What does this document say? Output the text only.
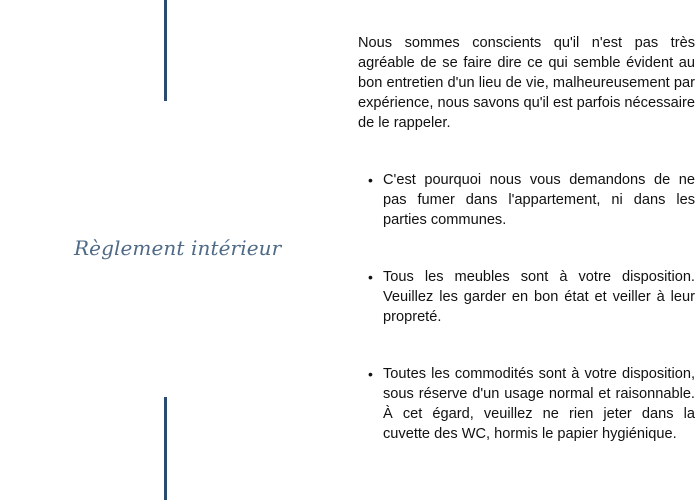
Règlement intérieur

Nous sommes conscients qu'il n'est pas très agréable de se faire dire ce qui semble évident au bon entretien d'un lieu de vie, malheureusement par expérience, nous savons qu'il est parfois nécessaire de le rappeler.

• C'est pourquoi nous vous demandons de ne pas fumer dans l'appartement, ni dans les parties communes.
• Tous les meubles sont à votre disposition. Veuillez les garder en bon état et veiller à leur propreté.
• Toutes les commodités sont à votre disposition, sous réserve d'un usage normal et raisonnable. À cet égard, veuillez ne rien jeter dans la cuvette des WC, hormis le papier hygiénique.
